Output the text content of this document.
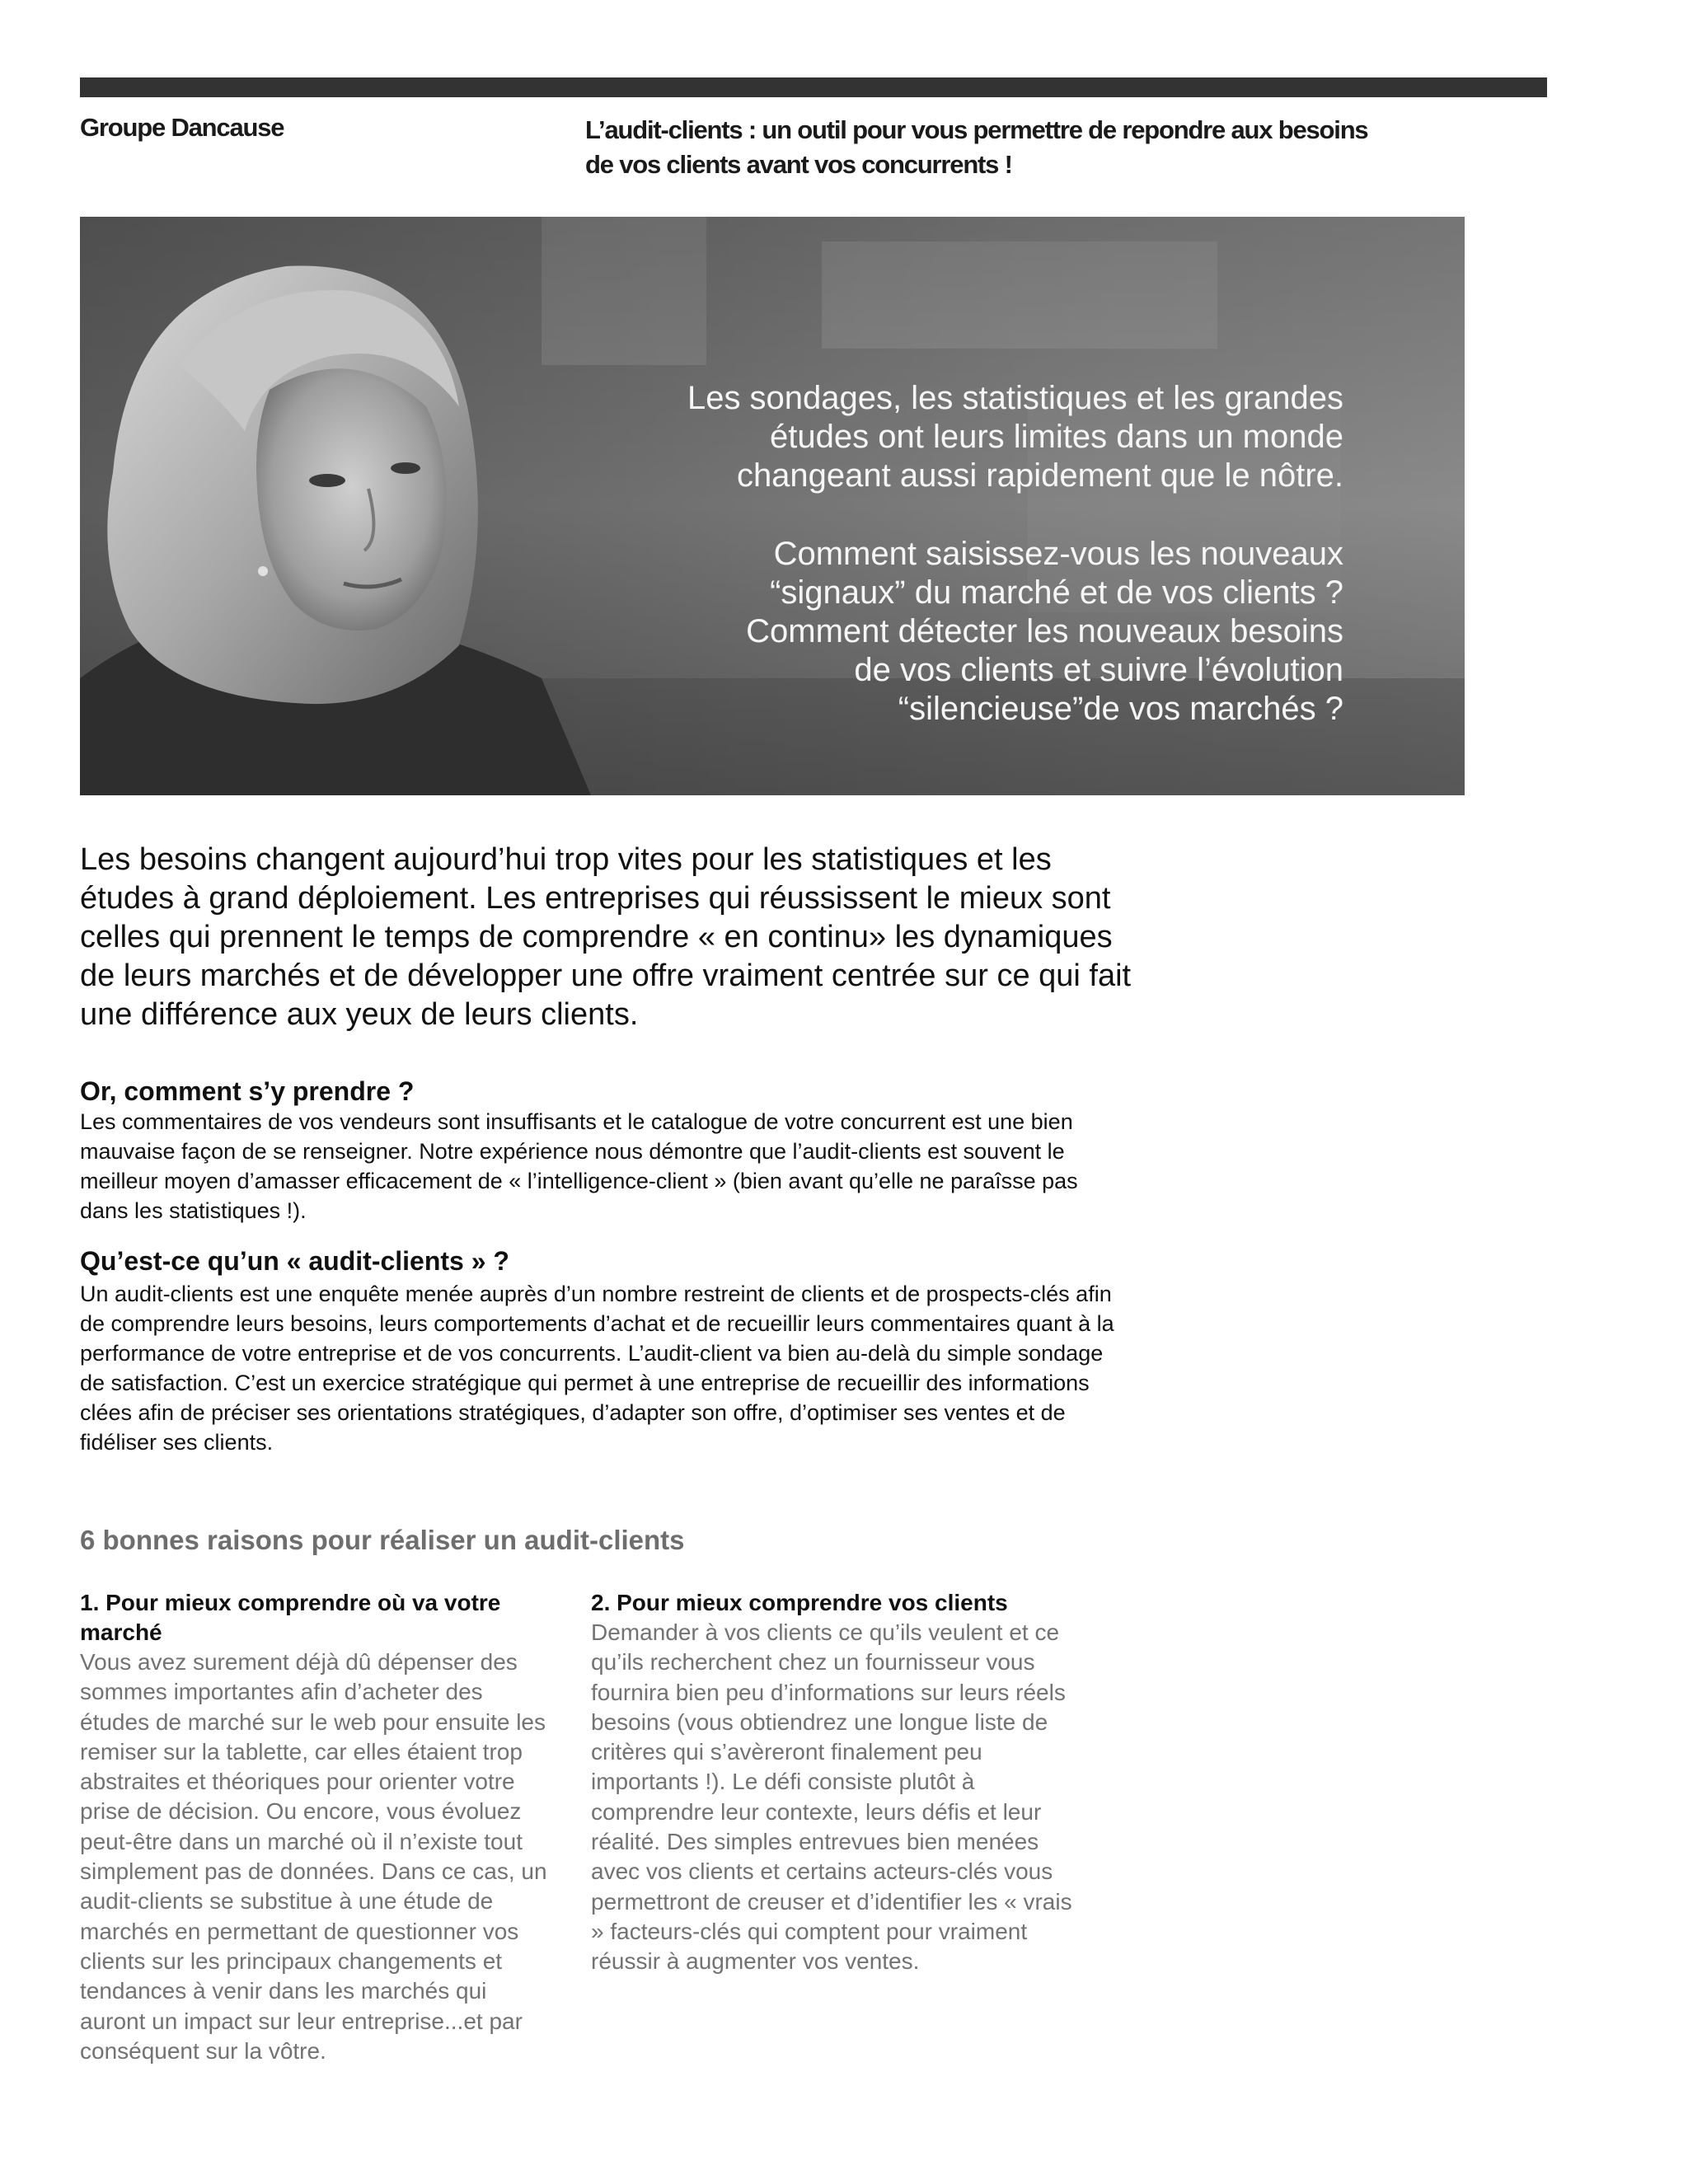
Groupe Dancause	L’audit-clients : un outil pour vous permettre de repondre aux besoins de vos clients avant vos concurrents !

Les sondages, les statistiques et les grandes
études ont leurs limites dans un monde
changeant aussi rapidement que le nôtre.

Comment saisissez-vous les nouveaux
“signaux” du marché et de vos clients ?
Comment détecter les nouveaux besoins
de vos clients et suivre l’évolution
“silencieuse”de vos marchés ?

Les besoins changent aujourd’hui trop vites pour les statistiques et les études à grand déploiement. Les entreprises qui réussissent le mieux sont celles qui prennent le temps de comprendre « en continu» les dynamiques de leurs marchés et de développer une offre vraiment centrée sur ce qui fait une différence aux yeux de leurs clients.

Or, comment s’y prendre ?

Les commentaires de vos vendeurs sont insuffisants et le catalogue de votre concurrent est une bien mauvaise façon de se renseigner. Notre expérience nous démontre que l’audit-clients est souvent le meilleur moyen d’amasser efficacement de « l’intelligence-client » (bien avant qu’elle ne paraîsse pas dans les statistiques !).

Qu’est-ce qu’un « audit-clients » ?

Un audit-clients est une enquête menée auprès d’un nombre restreint de clients et de prospects-clés afin de comprendre leurs besoins, leurs comportements d’achat et de recueillir leurs commentaires quant à la performance de votre entreprise et de vos concurrents. L’audit-client va bien au-delà du simple sondage de satisfaction. C’est un exercice stratégique qui permet à une entreprise de recueillir des informations clées afin de préciser ses orientations stratégiques, d’adapter son offre, d’optimiser ses ventes et de fidéliser ses clients.

6 bonnes raisons pour réaliser un audit-clients

1. Pour mieux comprendre où va votre marché

Vous avez surement déjà dû dépenser des sommes importantes afin d’acheter des études de marché sur le web pour ensuite les remiser sur la tablette, car elles étaient trop abstraites et théoriques pour orienter votre prise de décision. Ou encore, vous évoluez peut-être dans un marché où il n’existe tout simplement pas de données. Dans ce cas, un audit-clients se substitue à une étude de marchés en permettant de questionner vos clients sur les principaux changements et tendances à venir dans les marchés qui auront un impact sur leur entreprise...et par conséquent sur la vôtre.

2. Pour mieux comprendre vos clients

Demander à vos clients ce qu’ils veulent et ce qu’ils recherchent chez un fournisseur vous fournira bien peu d’informations sur leurs réels besoins (vous obtiendrez une longue liste de critères qui s’avèreront finalement peu importants !). Le défi consiste plutôt à comprendre leur contexte, leurs défis et leur réalité. Des simples entrevues bien menées avec vos clients et certains acteurs-clés vous permettront de creuser et d’identifier les « vrais » facteurs-clés qui comptent pour vraiment réussir à augmenter vos ventes.
